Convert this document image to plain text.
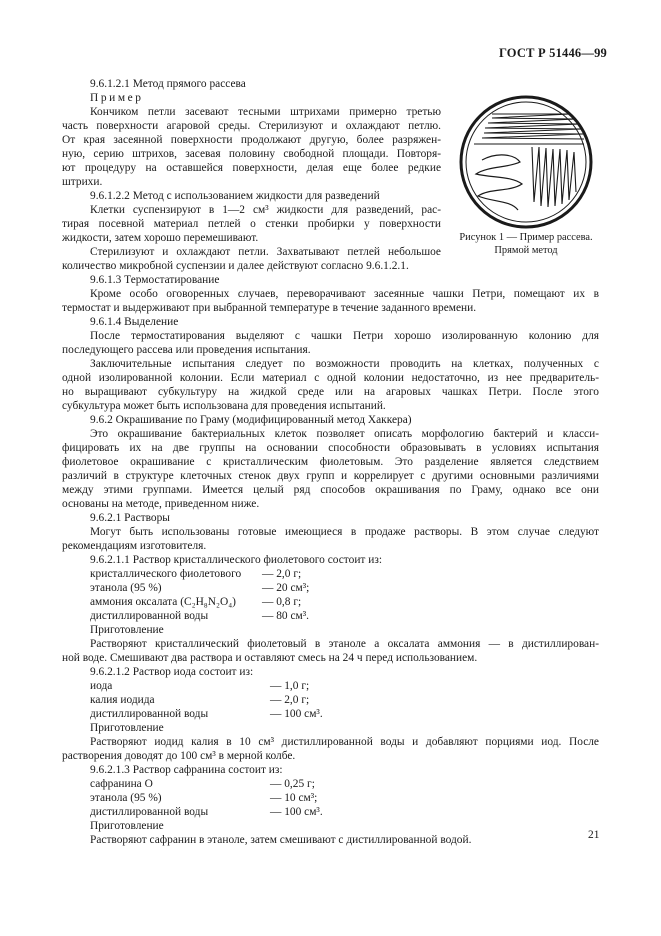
ГОСТ Р 51446—99
Рисунок 1 — Пример рассева.
Прямой метод
9.6.1.2.1 Метод прямого рассева
Пример
Кончиком петли засевают тесными штрихами примерно третью
часть поверхности агаровой среды. Стерилизуют и охлаждают петлю.
От края засеянной поверхности продолжают другую, более разряжен-
ную, серию штрихов, засевая половину свободной площади. Повторя-
ют процедуру на оставшейся поверхности, делая еще более редкие
штрихи.
9.6.1.2.2 Метод с использованием жидкости для разведений
Клетки суспензируют в 1—2 см³ жидкости для разведений, рас-
тирая посевной материал петлей о стенки пробирки у поверхности
жидкости, затем хорошо перемешивают.
Стерилизуют и охлаждают петли. Захватывают петлей небольшое
количество микробной суспензии и далее действуют согласно 9.6.1.2.1.
9.6.1.3 Термостатирование
Кроме особо оговоренных случаев, переворачивают засеянные чашки Петри, помещают их в
термостат и выдерживают при выбранной температуре в течение заданного времени.
9.6.1.4 Выделение
После термостатирования выделяют с чашки Петри хорошо изолированную колонию для
последующего рассева или проведения испытания.
Заключительные испытания следует по возможности проводить на клетках, полученных с
одной изолированной колонии. Если материал с одной колонии недостаточно, из нее предваритель-
но выращивают субкультуру на жидкой среде или на агаровых чашках Петри. После этого
субкультура может быть использована для проведения испытаний.
9.6.2 Окрашивание по Граму (модифицированный метод Хаккера)
Это окрашивание бактериальных клеток позволяет описать морфологию бактерий и класси-
фицировать их на две группы на основании способности образовывать в условиях испытания
фиолетовое окрашивание с кристаллическим фиолетовым. Это разделение является следствием
различий в структуре клеточных стенок двух групп и коррелирует с другими основными различиями
между этими группами. Имеется целый ряд способов окрашивания по Граму, однако все они
основаны на методе, приведенном ниже.
9.6.2.1 Растворы
Могут быть использованы готовые имеющиеся в продаже растворы. В этом случае следуют
рекомендациям изготовителя.
9.6.2.1.1 Раствор кристаллического фиолетового состоит из:
кристаллического фиолетового — 2,0 г;
этанола (95 %)	— 20 см³;
аммония оксалата (C₂H₈N₂O₄) — 0,8 г;
дистиллированной воды	— 80 см³.
Приготовление
Растворяют кристаллический фиолетовый в этаноле а оксалата аммония — в дистиллирован-
ной воде. Смешивают два раствора и оставляют смесь на 24 ч перед использованием.
9.6.2.1.2 Раствор иода состоит из:
иода	— 1,0 г;
калия иодида	— 2,0 г;
дистиллированной воды	— 100 см³.
Приготовление
Растворяют иодид калия в 10 см³ дистиллированной воды и добавляют порциями иод. После
растворения доводят до 100 см³ в мерной колбе.
9.6.2.1.3 Раствор сафранина состоит из:
сафранина О	— 0,25 г;
этанола (95 %)	— 10 см³;
дистиллированной воды	— 100 см³.
Приготовление
Растворяют сафранин в этаноле, затем смешивают с дистиллированной водой.	21
